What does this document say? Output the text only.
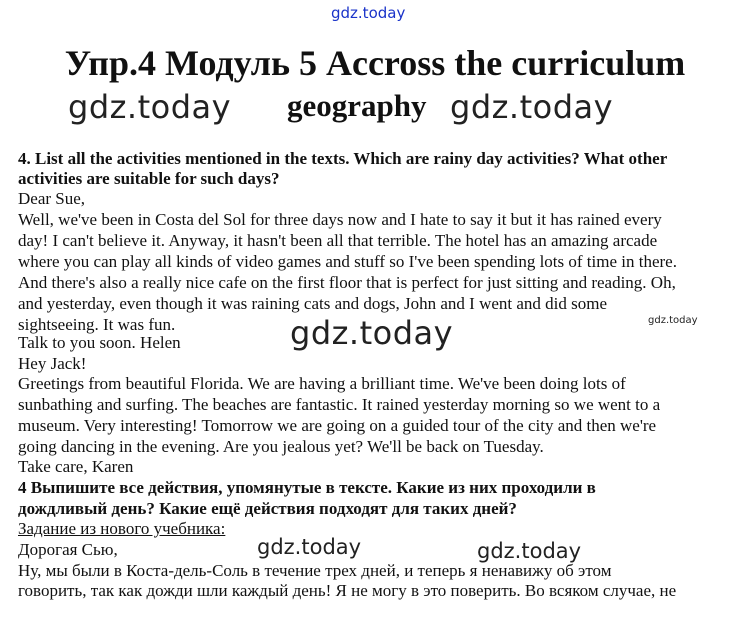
gdz.today
Упр.4 Модуль 5 Accross the curriculum
gdz.today geography gdz.today
4. List all the activities mentioned in the texts. Which are rainy day activities? What other
activities are suitable for such days?
Dear Sue,
Well, we've been in Costa del Sol for three days now and I hate to say it but it has rained every
day! I can't believe it. Anyway, it hasn't been all that terrible. The hotel has an amazing arcade
where you can play all kinds of video games and stuff so I've been spending lots of time in there.
And there's also a really nice cafe on the first floor that is perfect for just sitting and reading. Oh,
and yesterday, even though it was raining cats and dogs, John and I went and did some
sightseeing. It was fun.
Talk to you soon. Helen	gdz.today	gdz.today
Hey Jack!
Greetings from beautiful Florida. We are having a brilliant time. We've been doing lots of
sunbathing and surfing. The beaches are fantastic. It rained yesterday morning so we went to a
museum. Very interesting! Tomorrow we are going on a guided tour of the city and then we're
going dancing in the evening. Are you jealous yet? We'll be back on Tuesday.
Take care, Karen
4 Выпишите все действия, упомянутые в тексте. Какие из них проходили в
дождливый день? Какие ещё действия подходят для таких дней?
Задание из нового учебника:
Дорогая Сью,
Ну, мы были в Коста-дель-Соль в течение трех дней, и теперь я ненавижу об этом
говорить, так как дожди шли каждый день! Я не могу в это поверить. Во всяком случае, не
gdz.today	gdz.today
